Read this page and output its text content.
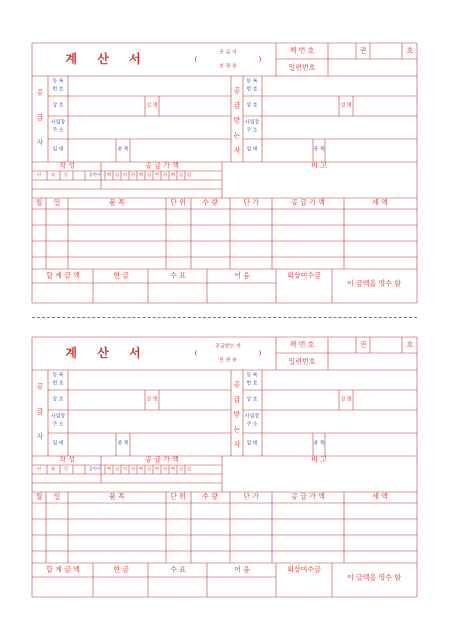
계 산 서	(	)
공 급 자
보 관 용
책 번 호	권	호
일련번호
공
급
자
공
급
받
는
자
등 록
번 호
상 호
사업장
주 소
업 태
등 록
번 호
상 호
사업장
주 소
업 태
성 명	성 명
종 목	종 목
작 성	공 급 가 액	비 고
년 월 일	공란수 백 십 억 천 백 십 만 천 백 십 일
월 일	품 목	단 위 수 량	단 가	공 급 가 액	세 액
합 계 금 액	현 금	수 표	어 음	외상미수금
이 금액을 영수 함
계 산 서	(	)
공급받는 자
보 관 용
책 번 호	권	호
일련번호
공
급
자
공
급
받
는
자
등 록
번 호
상 호
사업장
주 소
업 태
등 록
번 호
상 호
사업장
주 소
업 태
성 명	성 명
종 목	종 목
작 성	공 급 가 액	비 고
년 월 일	공란수 백 십 억 천 백 십 만 천 백 십 일
월 일	품 목	단 위 수 량	단 가	공 급 가 액	세 액
합 계 금 액	현 금	수 표	어 음	외상미수금
이 금액을 영수 함
